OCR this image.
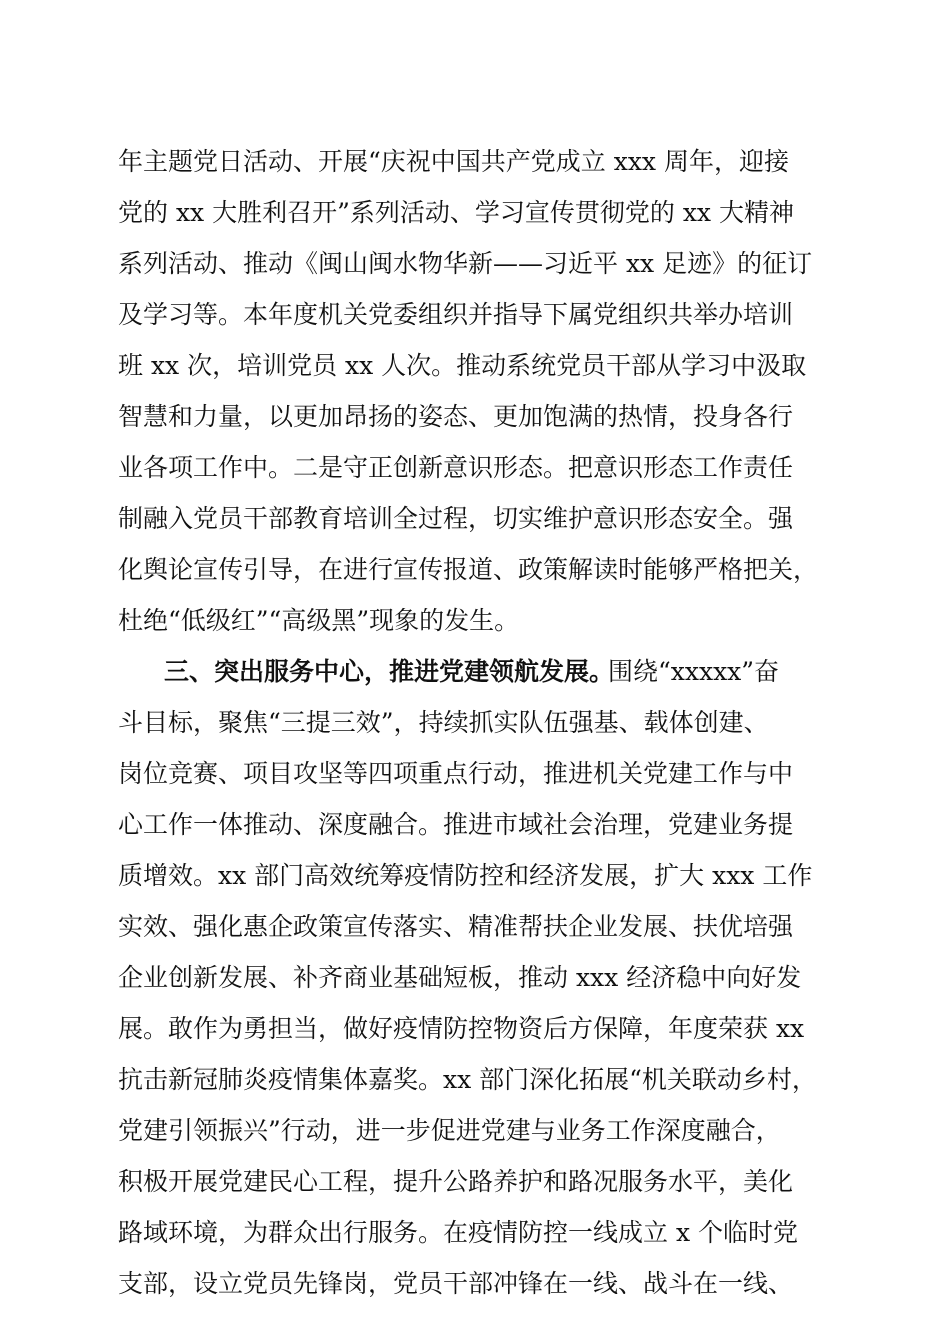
年主题党日活动、开展“庆祝中国共产党成立 xxx 周年，迎接
党的 xx 大胜利召开”系列活动、学习宣传贯彻党的 xx 大精神
系列活动、推动《闽山闽水物华新——习近平 xx 足迹》的征订
及学习等。本年度机关党委组织并指导下属党组织共举办培训
班 xx 次，培训党员 xx 人次。推动系统党员干部从学习中汲取
智慧和力量，以更加昂扬的姿态、更加饱满的热情，投身各行
业各项工作中。二是守正创新意识形态。把意识形态工作责任
制融入党员干部教育培训全过程，切实维护意识形态安全。强
化舆论宣传引导，在进行宣传报道、政策解读时能够严格把关，
杜绝“低级红”“高级黑”现象的发生。

三、突出服务中心，推进党建领航发展。

围绕“xxxxx”奋

斗目标，聚焦“三提三效”，持续抓实队伍强基、载体创建、
岗位竞赛、项目攻坚等四项重点行动，推进机关党建工作与中
心工作一体推动、深度融合。推进市域社会治理，党建业务提
质增效。xx 部门高效统筹疫情防控和经济发展，扩大 xxx 工作
实效、强化惠企政策宣传落实、精准帮扶企业发展、扶优培强
企业创新发展、补齐商业基础短板，推动 xxx 经济稳中向好发
展。敢作为勇担当，做好疫情防控物资后方保障，年度荣获 xx
抗击新冠肺炎疫情集体嘉奖。xx 部门深化拓展“机关联动乡村，
党建引领振兴”行动，进一步促进党建与业务工作深度融合，
积极开展党建民心工程，提升公路养护和路况服务水平，美化
路域环境，为群众出行服务。在疫情防控一线成立 x 个临时党
支部，设立党员先锋岗，党员干部冲锋在一线、战斗在一线、
